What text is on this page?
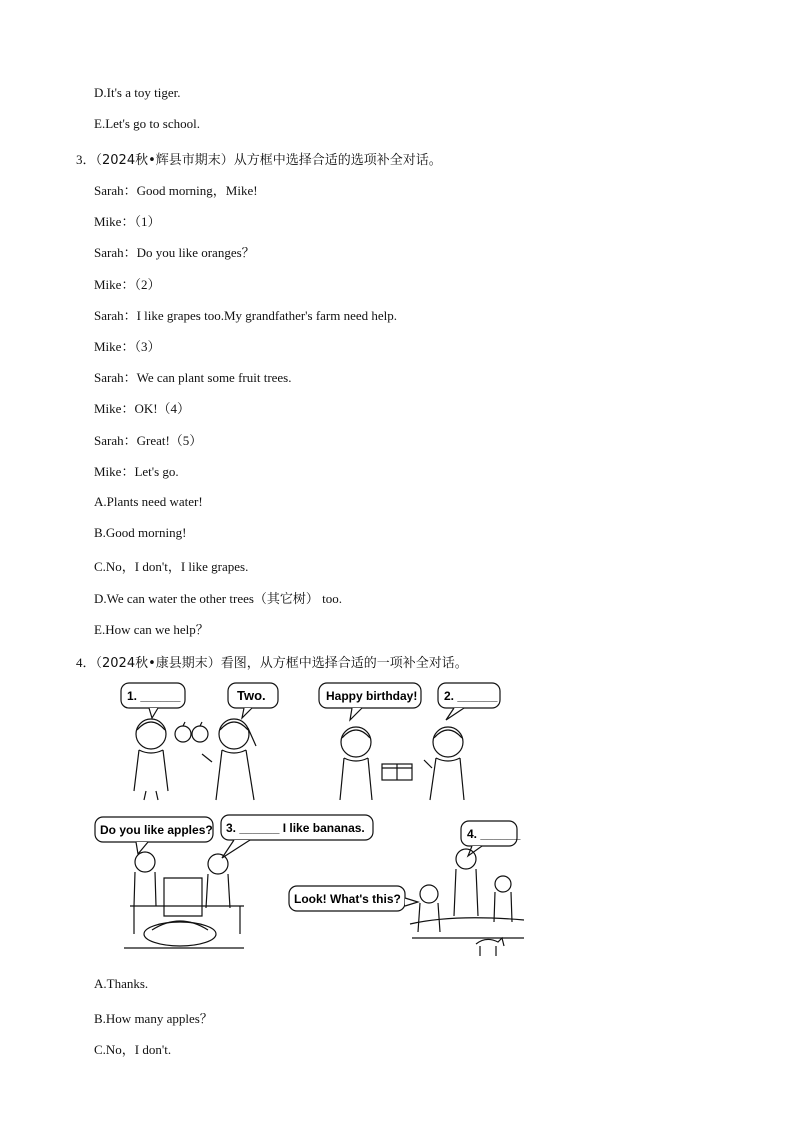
D.It's a toy tiger.
E.Let's go to school.
3．（2024秋•辉县市期末）从方框中选择合适的选项补全对话。
Sarah：Good morning，Mike!
Mike：（1）
Sarah：Do you like oranges？
Mike：（2）
Sarah：I like grapes too.My grandfather's farm need help.
Mike：（3）
Sarah：We can plant some fruit trees.
Mike：OK!（4）
Sarah：Great!（5）
Mike：Let's go.
A.Plants need water!
B.Good morning!
C.No，I don't，I like grapes.
D.We can water the other trees（其它树） too.
E.How can we help？
4．（2024秋•康县期末）看图，从方框中选择合适的一项补全对话。
1. ______	Two.	Happy birthday! 2. ______
Do you like apples? 3. ______ I like bananas.	4. ______
Look! What's this?
A.Thanks.
B.How many apples？
C.No，I don't.
